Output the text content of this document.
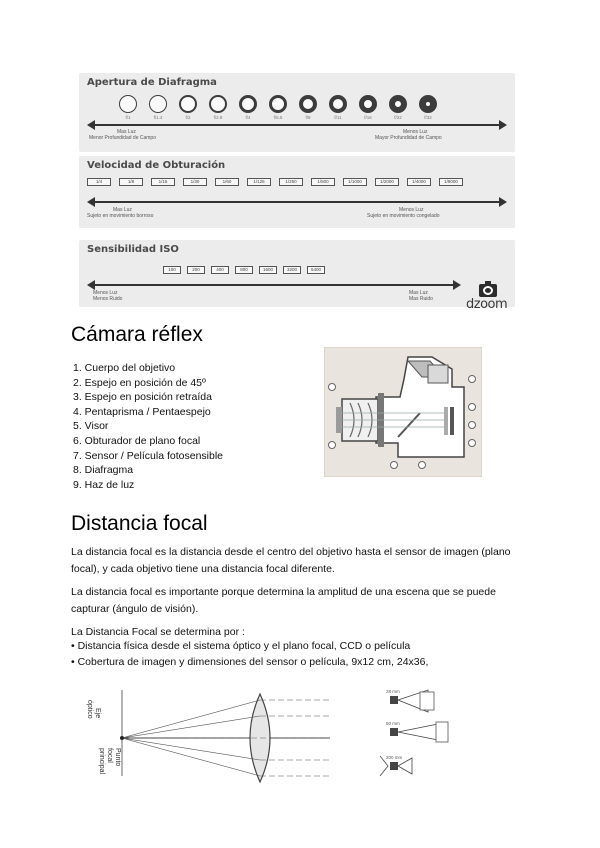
Apertura de Diafragma
f/1	f/1.4	f/2	f/2.8	f/4	f/5.6	f/8	f/11	f/16	f/22	f/32
Mas Luz
Menor Profundidad de Campo
Menos Luz
Mayor Profundidad de Campo
Velocidad de Obturación
1/4	1/8	1/15	1/30	1/60	1/125	1/250	1/500	1/1000	1/2000	1/4000	1/8000
Mas Luz
Sujeto en movimiento borroso
Menos Luz
Sujeto en movimiento congelado
Sensibilidad ISO
100	200	400	800	1600	3200	6400
Menos Luz
Menos Ruido
Mas Luz
Mas Ruido	dzoom
Cámara réflex
1. Cuerpo del objetivo
2. Espejo en posición de 45º
3. Espejo en posición retraída
4. Pentaprisma / Pentaespejo
5. Visor
6. Obturador de plano focal
7. Sensor / Película fotosensible
8. Diafragma
9. Haz de luz
Distancia focal

La distancia focal es la distancia desde el centro del objetivo hasta el sensor de imagen (plano focal), y cada objetivo tiene una distancia focal diferente.

La distancia focal es importante porque determina la amplitud de una escena que se puede capturar (ángulo de visión).

La Distancia Focal se determina por :

• Distancia física desde el sistema óptico y el plano focal, CCD o película
• Cobertura de imagen y dimensiones del sensor o película, 9x12 cm, 24x36,
Eje
óptico
Punto
focal
principal
28 mm
50 mm
200 mm
